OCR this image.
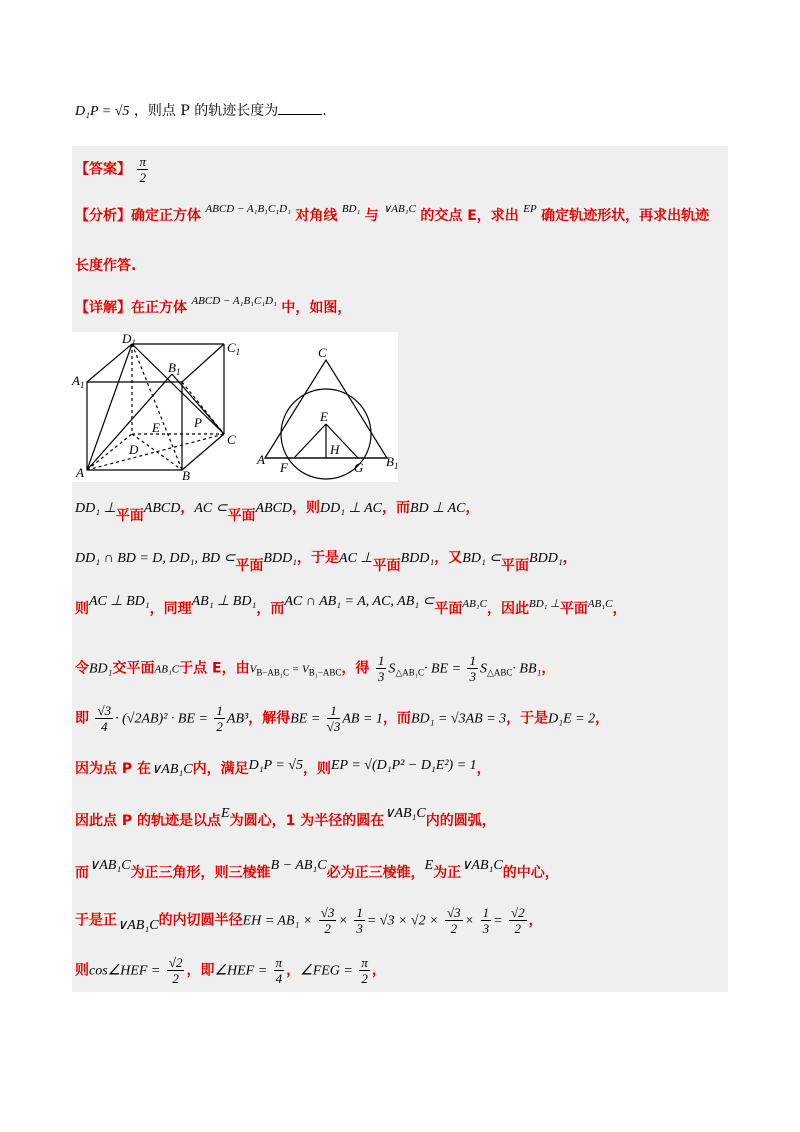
D₁P = √5 ，则点 P 的轨迹长度为	.
【答案】 $\frac{\pi}{2}$
【分析】确定正方体 $^{ABCD - A_1B_1C_1D_1}$ 对角线 $^{BD_1}$ 与 $^{\vee AB_1C}$ 的交点 E，求出 $^{EP}$ 确定轨迹形状，再求出轨迹
长度作答.
【详解】在正方体 $^{ABCD - A_1B_1C_1D_1}$ 中，如图，
$D_1$	$C_1$
$A_1$
$B_1$
P
E
D
C
A	B
C
E
A
F
H
G $B_1$
DD₁ ⊥平面ABCD，AC ⊂平面ABCD，则DD₁ ⊥ AC，而BD ⊥ AC，
DD₁ ∩ BD = D, DD₁, BD ⊂平面BDD₁，于是AC ⊥平面BDD₁，又BD₁ ⊂平面BDD₁，
则AC ⊥ BD₁，同理AB₁ ⊥ BD₁，而AC ∩ AB₁ = A, AC, AB₁ ⊂平面$^{AB_1C}$，因此$^{BD_1 \perp}$平面$^{AB_1C}$，
令BD₁交平面AB₁C于点 E，由$V_{B-AB_1C} = V_{B_1-ABC}$，得 $\frac{1}{3} S_{\triangle AB_1C}\cdot$ BE = $\frac{1}{3} S_{\triangle ABC}\cdot BB_1$，
即 $\frac{√3}{4} \cdot (√2AB)^2$ · BE = $\frac{1}{2} AB^3$，解得BE = $\frac{1}{√3}$ AB = 1，而BD₁ = √3AB = 3，于是D₁E = 2，
因为点 P 在∨AB₁C内，满足D₁P = √5，则EP = √(D₁P² − D₁E²) = 1，
因此点 P 的轨迹是以点E为圆心，1 为半径的圆在∨AB₁C内的圆弧，
而∨AB₁C为正三角形，则三棱锥B − AB₁C必为正三棱锥，E为正∨AB₁C的中心，
于是正∨AB₁C的内切圆半径EH = $AB_1 \times \frac{√3}{2} \times \frac{1}{3} = √3 \times √2 \times \frac{√3}{2} \times \frac{1}{3} = \frac{√2}{2}$ ，
则cos∠HEF = $\frac{√2}{2}$ ，即∠HEF = $\frac{\pi}{4}$ ，∠FEG = $\frac{\pi}{2}$ ，
